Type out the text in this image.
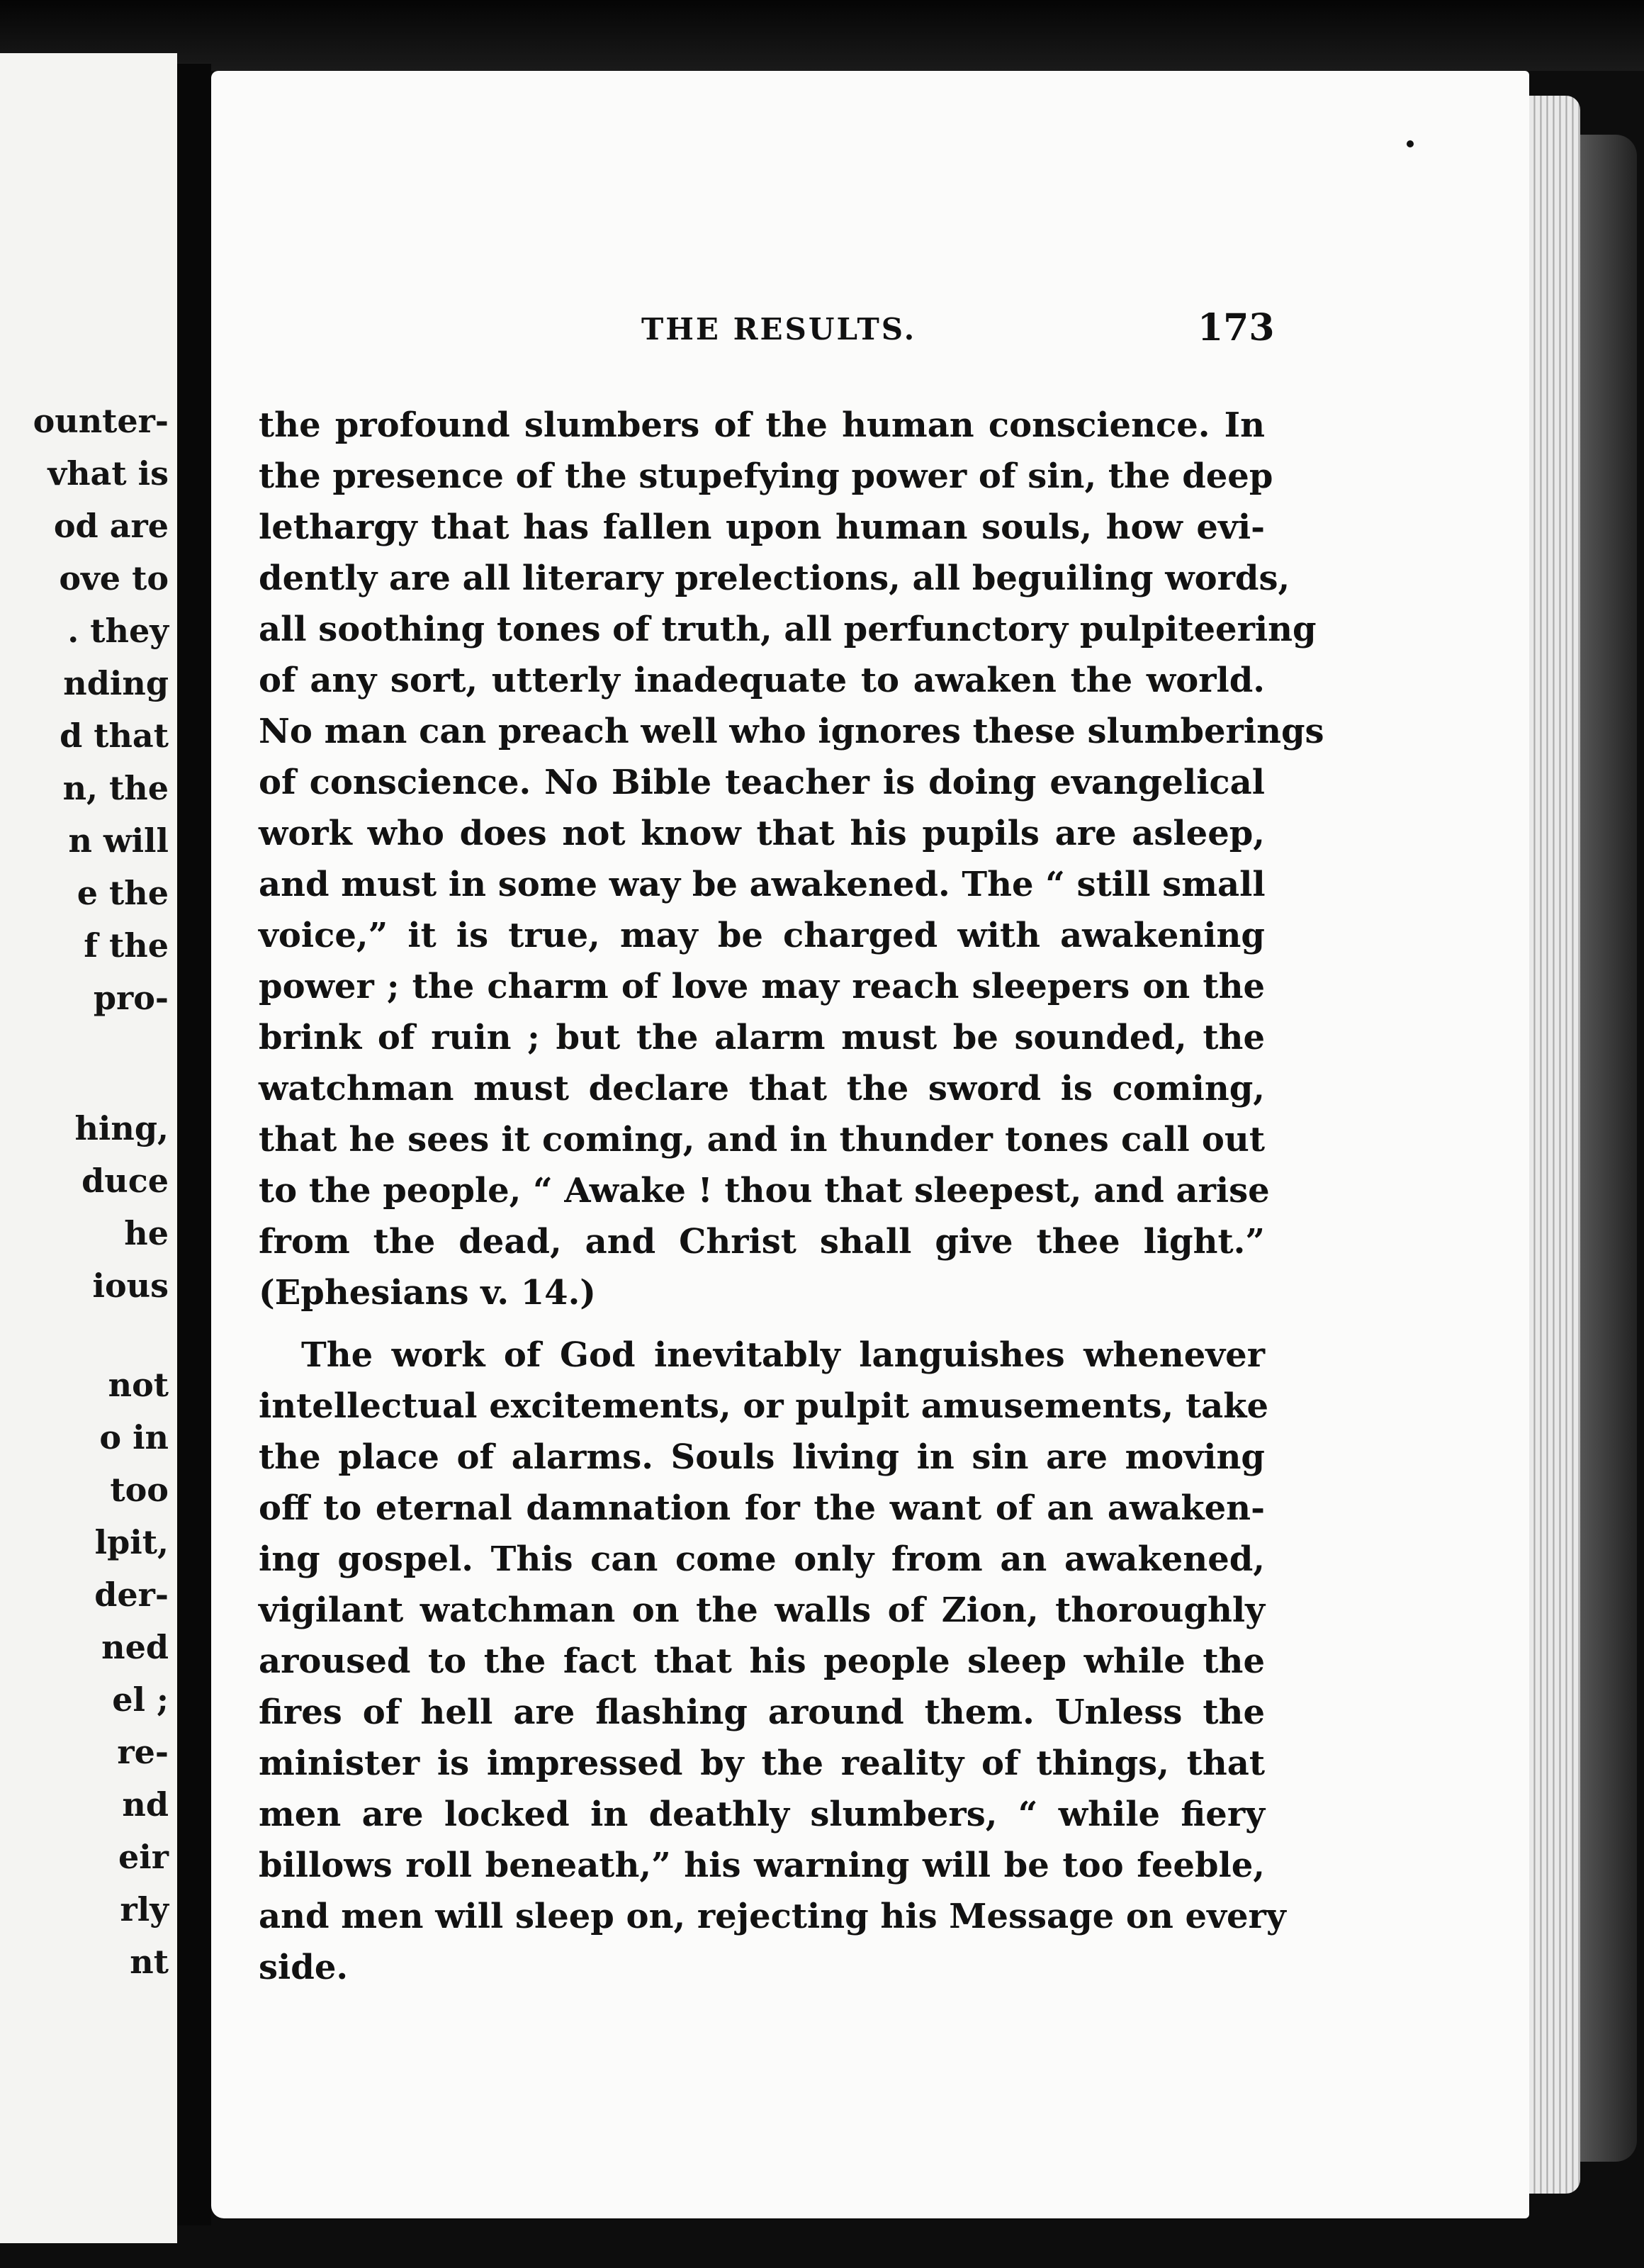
ounter-
vhat is
od are
ove to
. they
nding
d that
n, the
n will
e the
f the
pro-
hing,
duce
he
ious
not
o in
too
lpit,
der-
ned
el ;
re-
nd
eir
rly
nt
THE RESULTS.	173
the profound slumbers of the human conscience. In
the presence of the stupefying power of sin, the deep
lethargy that has fallen upon human souls, how evi-
dently are all literary prelections, all beguiling words,
all soothing tones of truth, all perfunctory pulpiteering
of any sort, utterly inadequate to awaken the world.
No man can preach well who ignores these slumberings
of conscience. No Bible teacher is doing evangelical
work who does not know that his pupils are asleep,
and must in some way be awakened. The “ still small
voice,” it is true, may be charged with awakening
power ; the charm of love may reach sleepers on the
brink of ruin ; but the alarm must be sounded, the
watchman must declare that the sword is coming,
that he sees it coming, and in thunder tones call out
to the people, “ Awake ! thou that sleepest, and arise
from the dead, and Christ shall give thee light.”
(Ephesians v. 14.)
The work of God inevitably languishes whenever
intellectual excitements, or pulpit amusements, take
the place of alarms. Souls living in sin are moving
off to eternal damnation for the want of an awaken-
ing gospel. This can come only from an awakened,
vigilant watchman on the walls of Zion, thoroughly
aroused to the fact that his people sleep while the
fires of hell are flashing around them. Unless the
minister is impressed by the reality of things, that
men are locked in deathly slumbers, “ while fiery
billows roll beneath,” his warning will be too feeble,
and men will sleep on, rejecting his Message on every
side.
